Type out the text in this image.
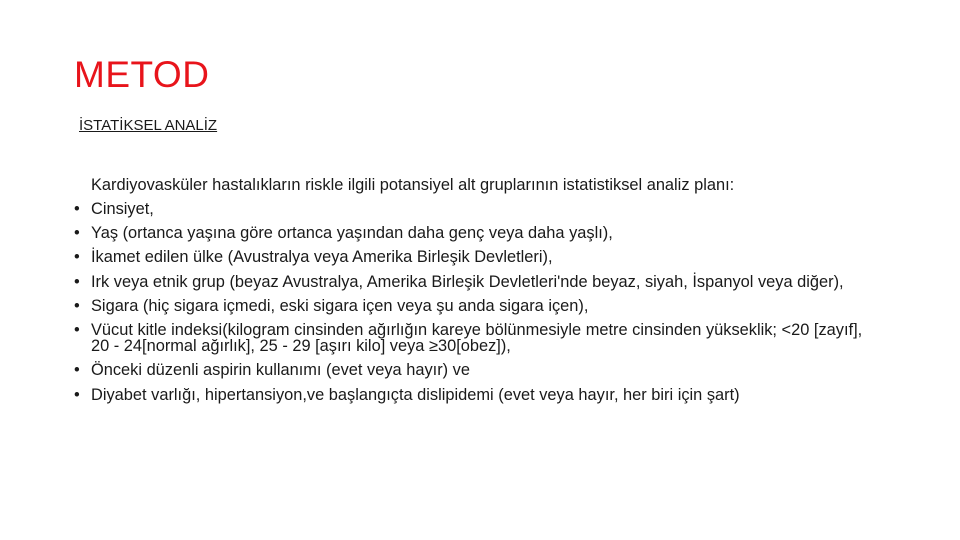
METOD

İSTATİKSEL ANALİZ

Kardiyovasküler hastalıkların riskle ilgili potansiyel alt gruplarının istatistiksel analiz planı:

• Cinsiyet,
• Yaş (ortanca yaşına göre ortanca yaşından daha genç veya daha yaşlı),
• İkamet edilen ülke (Avustralya veya Amerika Birleşik Devletleri),
• Irk veya etnik grup (beyaz Avustralya, Amerika Birleşik Devletleri'nde beyaz, siyah, İspanyol veya diğer),
• Sigara (hiç sigara içmedi, eski sigara içen veya şu anda sigara içen),
• Vücut kitle indeksi(kilogram cinsinden ağırlığın kareye bölünmesiyle metre cinsinden yükseklik; <20 [zayıf], 20 - 24[normal ağırlık], 25 - 29 [aşırı kilo] veya ≥30[obez]),
• Önceki düzenli aspirin kullanımı (evet veya hayır) ve
• Diyabet varlığı, hipertansiyon,ve başlangıçta dislipidemi (evet veya hayır, her biri için şart)
